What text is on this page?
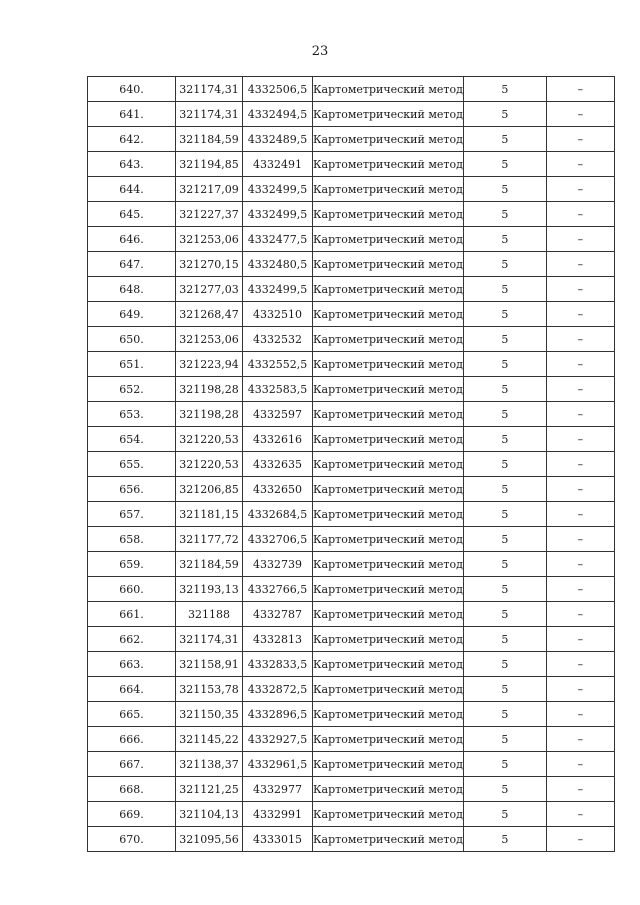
23
640.	321174,31	4332506,5	Картометрический метод	5	–
641.	321174,31	4332494,5	Картометрический метод	5	–
642.	321184,59	4332489,5	Картометрический метод	5	–
643.	321194,85	4332491	Картометрический метод	5	–
644.	321217,09	4332499,5	Картометрический метод	5	–
645.	321227,37	4332499,5	Картометрический метод	5	–
646.	321253,06	4332477,5	Картометрический метод	5	–
647.	321270,15	4332480,5	Картометрический метод	5	–
648.	321277,03	4332499,5	Картометрический метод	5	–
649.	321268,47	4332510	Картометрический метод	5	–
650.	321253,06	4332532	Картометрический метод	5	–
651.	321223,94	4332552,5	Картометрический метод	5	–
652.	321198,28	4332583,5	Картометрический метод	5	–
653.	321198,28	4332597	Картометрический метод	5	–
654.	321220,53	4332616	Картометрический метод	5	–
655.	321220,53	4332635	Картометрический метод	5	–
656.	321206,85	4332650	Картометрический метод	5	–
657.	321181,15	4332684,5	Картометрический метод	5	–
658.	321177,72	4332706,5	Картометрический метод	5	–
659.	321184,59	4332739	Картометрический метод	5	–
660.	321193,13	4332766,5	Картометрический метод	5	–
661.	321188	4332787	Картометрический метод	5	–
662.	321174,31	4332813	Картометрический метод	5	–
663.	321158,91	4332833,5	Картометрический метод	5	–
664.	321153,78	4332872,5	Картометрический метод	5	–
665.	321150,35	4332896,5	Картометрический метод	5	–
666.	321145,22	4332927,5	Картометрический метод	5	–
667.	321138,37	4332961,5	Картометрический метод	5	–
668.	321121,25	4332977	Картометрический метод	5	–
669.	321104,13	4332991	Картометрический метод	5	–
670.	321095,56	4333015	Картометрический метод	5	–
